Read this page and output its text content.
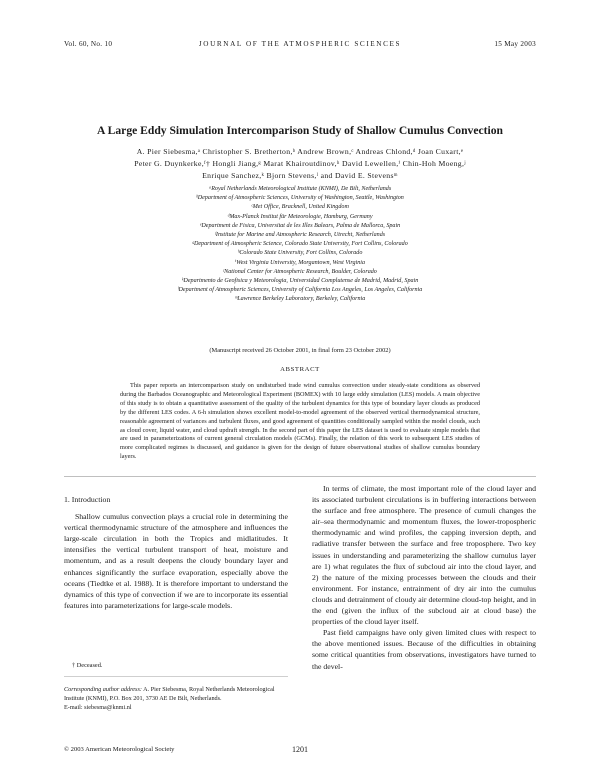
Vol. 60, No. 10	JOURNAL OF THE ATMOSPHERIC SCIENCES	15 May 2003
A Large Eddy Simulation Intercomparison Study of Shallow Cumulus Convection
A. Pier Siebesma,ᵃ Christopher S. Bretherton,ᵇ Andrew Brown,ᶜ Andreas Chlond,ᵈ Joan Cuxart,ᵉ
Peter G. Duynkerke,ᶠ† Hongli Jiang,ᵍ Marat Khairoutdinov,ʰ David Lewellen,ⁱ Chin-Hoh Moeng,ʲ
Enrique Sanchez,ᵏ Bjorn Stevens,ˡ and David E. Stevensᵐ
ᵃRoyal Netherlands Meteorological Institute (KNMI), De Bilt, Netherlands
ᵇDepartment of Atmospheric Sciences, University of Washington, Seattle, Washington
ᶜMet Office, Bracknell, United Kingdom
ᵈMax-Planck Institut für Meteorologie, Hamburg, Germany
ᵉDepartment de Fisica, Universitat de les Illes Balears, Palma de Mallorca, Spain
ᶠInstitute for Marine and Atmospheric Research, Utrecht, Netherlands
ᵍDepartment of Atmospheric Science, Colorado State University, Fort Collins, Colorado
ʰColorado State University, Fort Collins, Colorado
ⁱWest Virginia University, Morgantown, West Virginia
ʲNational Center for Atmospheric Research, Boulder, Colorado
ᵏDepartmento de Geofisica y Meteorologia, Universidad Complutense de Madrid, Madrid, Spain
ˡDepartment of Atmospheric Sciences, University of California Los Angeles, Los Angeles, California
ᵐLawrence Berkeley Laboratory, Berkeley, California
(Manuscript received 26 October 2001, in final form 23 October 2002)
ABSTRACT
This paper reports an intercomparison study on undisturbed trade wind cumulus convection under steady-state conditions as observed during the Barbados Oceanographic and Meteorological Experiment (BOMEX) with 10 large eddy simulation (LES) models. A main objective of this study is to obtain a quantitative assessment of the quality of the turbulent dynamics for this type of boundary layer clouds as produced by the different LES codes. A 6-h simulation shows excellent model-to-model agreement of the observed vertical thermodynamical structure, reasonable agreement of variances and turbulent fluxes, and good agreement of quantities conditionally sampled within the model clouds, such as cloud cover, liquid water, and cloud updraft strength. In the second part of this paper the LES dataset is used to evaluate simple models that are used in parameterizations of current general circulation models (GCMs). Finally, the relation of this work to subsequent LES studies of more complicated regimes is discussed, and guidance is given for the design of future observational studies of shallow cumulus boundary layers.
1. Introduction

Shallow cumulus convection plays a crucial role in determining the vertical thermodynamic structure of the atmosphere and influences the large-scale circulation in both the Tropics and midlatitudes. It intensifies the vertical turbulent transport of heat, moisture and momentum, and as a result deepens the cloudy boundary layer and enhances significantly the surface evaporation, especially above the oceans (Tiedtke et al. 1988). It is therefore important to understand the dynamics of this type of convection if we are to incorporate its essential features into parameterizations for large-scale models.

In terms of climate, the most important role of the cloud layer and its associated turbulent circulations is in buffering interactions between the surface and free atmosphere. The presence of cumuli changes the air–sea thermodynamic and momentum fluxes, the lower-tropospheric thermodynamic and wind profiles, the capping inversion depth, and radiative transfer between the surface and free troposphere. Two key issues in understanding and parameterizing the shallow cumulus layer are 1) what regulates the flux of subcloud air into the cloud layer, and 2) the nature of the mixing processes between the clouds and their environment. For instance, entrainment of dry air into the cumulus clouds and detrainment of cloudy air determine cloud-top height, and in the end (given the influx of the subcloud air at cloud base) the properties of the cloud layer itself.

Past field campaigns have only given limited clues with respect to the above mentioned issues. Because of the difficulties in obtaining some critical quantities from observations, investigators have turned to the devel-

† Deceased.
Corresponding author address: A. Pier Siebesma, Royal Netherlands Meteorological Institute (KNMI), P.O. Box 201, 3730 AE De Bilt, Netherlands.
E-mail: siebesma@knmi.nl
© 2003 American Meteorological Society	1201
